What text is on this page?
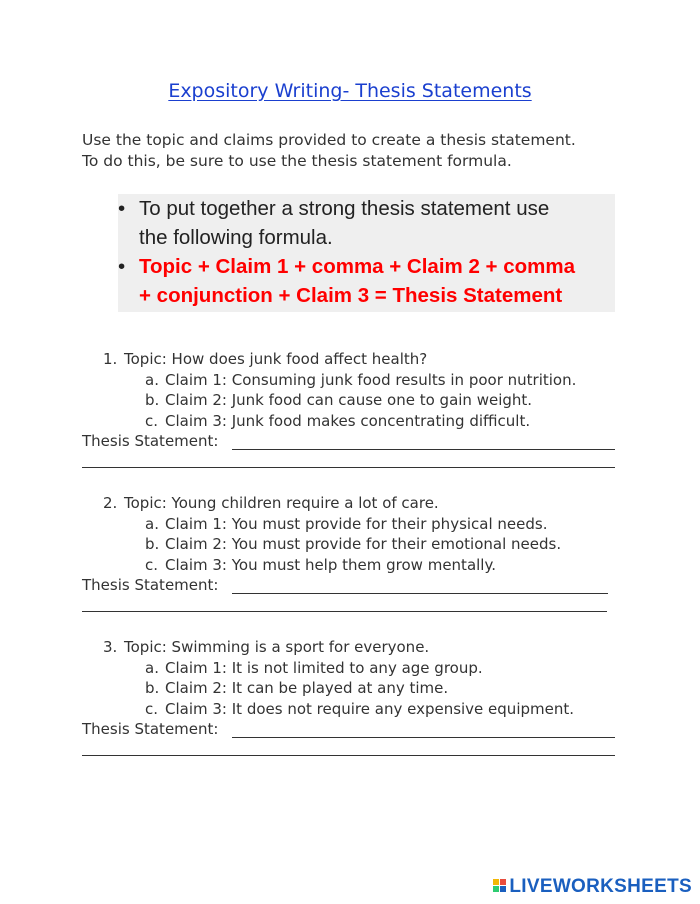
Expository Writing- Thesis Statements
Use the topic and claims provided to create a thesis statement.
To do this, be sure to use the thesis statement formula.
• To put together a strong thesis statement use
the following formula.
• Topic + Claim 1 + comma + Claim 2 + comma
+ conjunction + Claim 3 = Thesis Statement
1. Topic: How does junk food affect health?
a. Claim 1: Consuming junk food results in poor nutrition.
b. Claim 2: Junk food can cause one to gain weight.
c. Claim 3: Junk food makes concentrating difficult.
Thesis Statement:
2. Topic: Young children require a lot of care.
a. Claim 1: You must provide for their physical needs.
b. Claim 2: You must provide for their emotional needs.
c. Claim 3: You must help them grow mentally.
Thesis Statement:
3. Topic: Swimming is a sport for everyone.
a. Claim 1: It is not limited to any age group.
b. Claim 2: It can be played at any time.
c. Claim 3: It does not require any expensive equipment.
Thesis Statement:
LIVEWORKSHEETS
